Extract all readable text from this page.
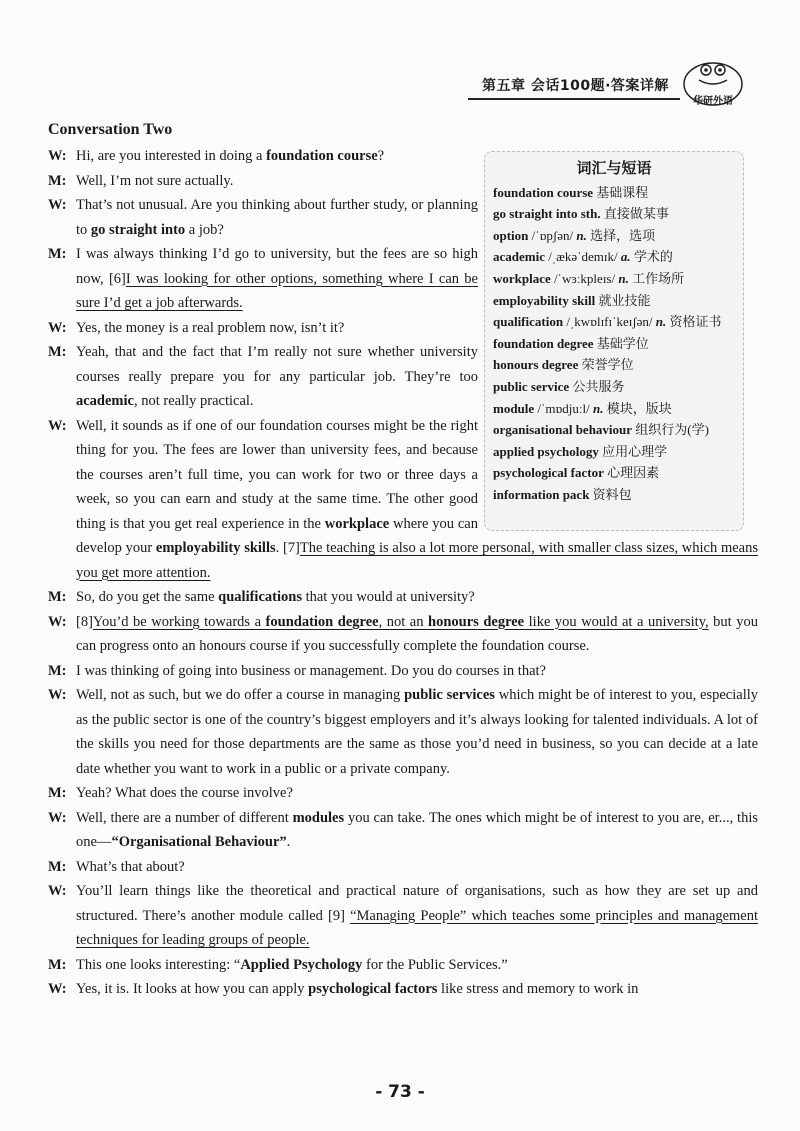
第五章 会话100题·答案详解
华研外语
Conversation Two
词汇与短语
foundation course 基础课程
go straight into sth. 直接做某事
option /ˈɒpʃən/ n. 选择，选项
academic /ˌækəˈdemɪk/ a. 学术的
workplace /ˈwɜːkpleɪs/ n. 工作场所
employability skill 就业技能
qualification /ˌkwɒlɪfɪˈkeɪʃən/ n. 资格证书
foundation degree 基础学位
honours degree 荣誉学位
public service 公共服务
module /ˈmɒdjuːl/ n. 模块，版块
organisational behaviour 组织行为(学)
applied psychology 应用心理学
psychological factor 心理因素
information pack 资料包
W: Hi, are you interested in doing a foundation course?
M: Well, I’m not sure actually.
W: That’s not unusual. Are you thinking about further study, or planning to go straight into a job?
M: I was always thinking I’d go to university, but the fees are so high now, [6]I was looking for other options, something where I can be sure I’d get a job afterwards.
W: Yes, the money is a real problem now, isn’t it?
M: Yeah, that and the fact that I’m really not sure whether university courses really prepare you for any particular job. They’re too academic, not really practical.
W: Well, it sounds as if one of our foundation courses might be the right thing for you. The fees are lower than university fees, and because the courses aren’t full time, you can work for two or three days a week, so you can earn and study at the same time. The other good thing is that you get real experience in the workplace where you can develop your employability skills. [7]The teaching is also a lot more personal, with smaller class sizes, which means you get more attention.
M: So, do you get the same qualifications that you would at university?
W: [8]You’d be working towards a foundation degree, not an honours degree like you would at a university, but you can progress onto an honours course if you successfully complete the foundation course.
M: I was thinking of going into business or management. Do you do courses in that?
W: Well, not as such, but we do offer a course in managing public services which might be of interest to you, especially as the public sector is one of the country’s biggest employers and it’s always looking for talented individuals. A lot of the skills you need for those departments are the same as those you’d need in business, so you can decide at a late date whether you want to work in a public or a private company.
M: Yeah? What does the course involve?
W: Well, there are a number of different modules you can take. The ones which might be of interest to you are, er..., this one—“Organisational Behaviour”.
M: What’s that about?
W: You’ll learn things like the theoretical and practical nature of organisations, such as how they are set up and structured. There’s another module called [9] “Managing People” which teaches some principles and management techniques for leading groups of people.
M: This one looks interesting: “Applied Psychology for the Public Services.”
W: Yes, it is. It looks at how you can apply psychological factors like stress and memory to work in
- 73 -
